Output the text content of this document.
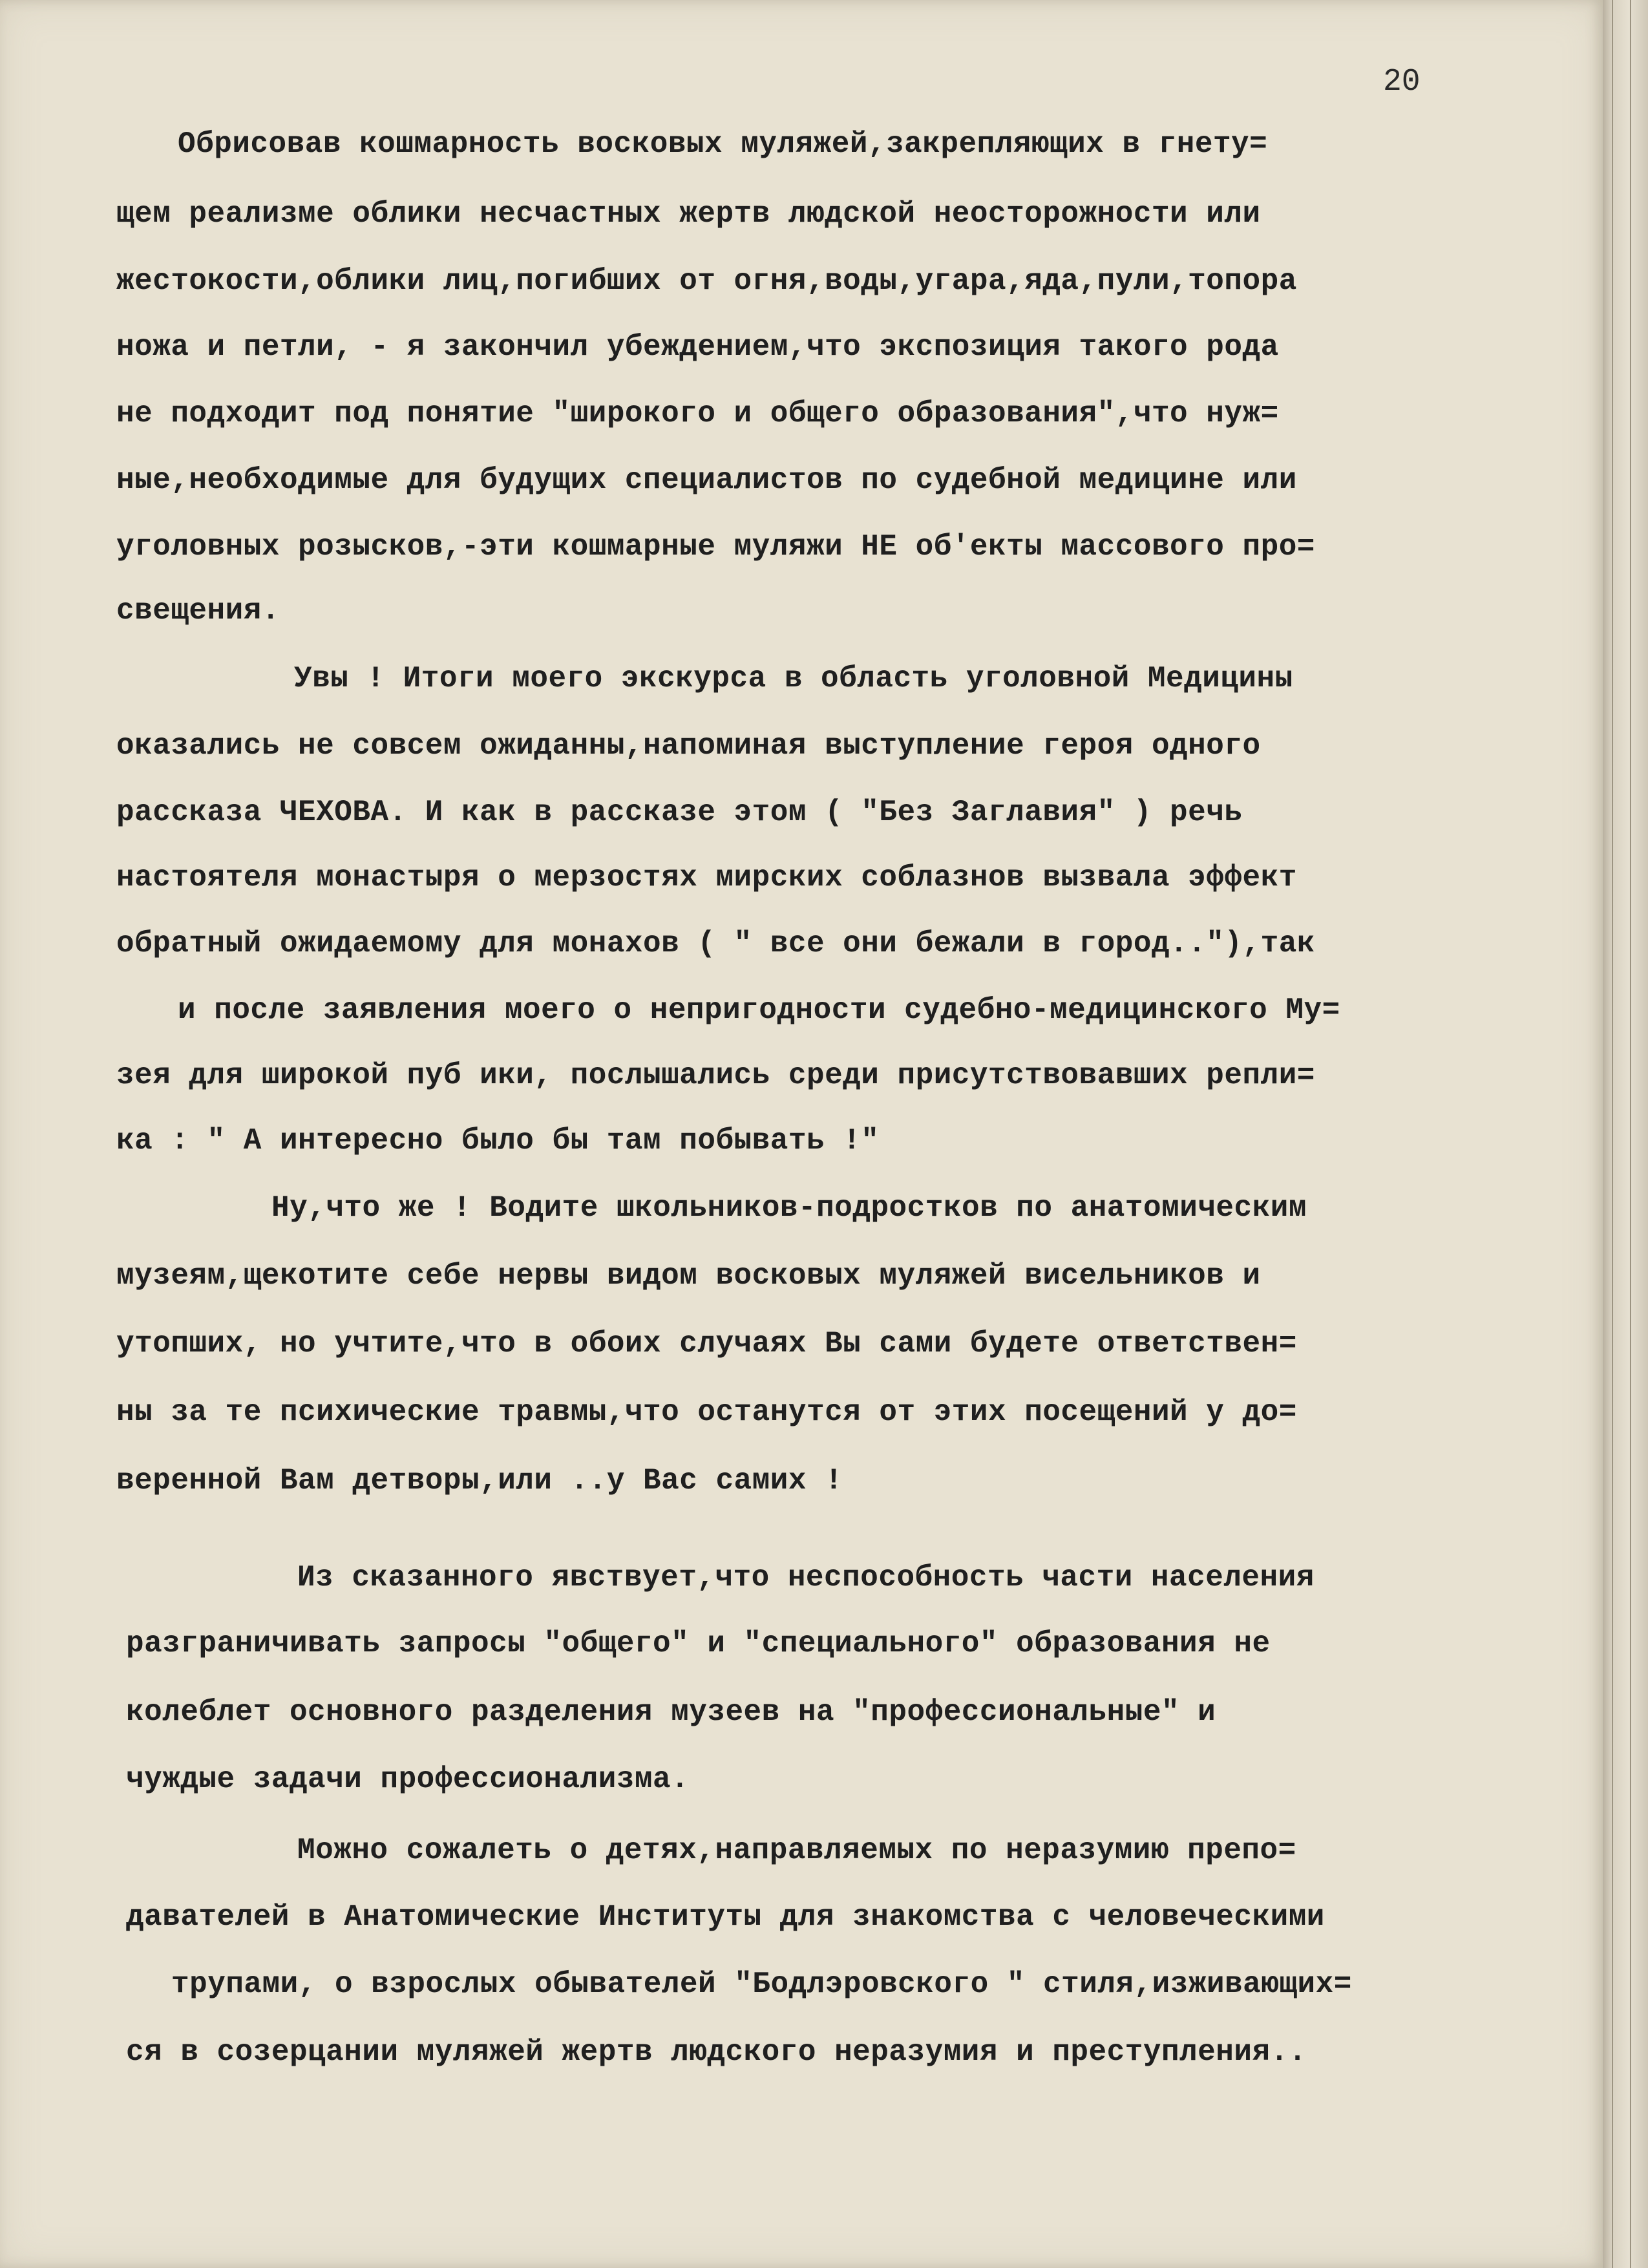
20
Обрисовав кошмарность восковых муляжей,закрепляющих в гнету=
щем реализме облики несчастных жертв людской неосторожности или
жестокости,облики лиц,погибших от огня,воды,угара,яда,пули,топора
ножа и петли, - я закончил убеждением,что экспозиция такого рода
не подходит под понятие "широкого и общего образования",что нуж=
ные,необходимые для будущих специалистов по судебной медицине или
уголовных розысков,-эти кошмарные муляжи НЕ об'екты массового про=
свещения.
Увы ! Итоги моего экскурса в область уголовной Медицины
оказались не совсем ожиданны,напоминая выступление героя одного
рассказа ЧЕХОВА. И как в рассказе этом ( "Без Заглавия" ) речь
настоятеля монастыря о мерзостях мирских соблазнов вызвала эффект
обратный ожидаемому для монахов ( " все они бежали в город.."),так
и после заявления моего о непригодности судебно-медицинского Му=
зея для широкой пуб ики, послышались среди присутствовавших репли=
ка : " А интересно было бы там побывать !"
Ну,что же ! Водите школьников-подростков по анатомическим
музеям,щекотите себе нервы видом восковых муляжей висельников и
утопших, но учтите,что в обоих случаях Вы сами будете ответствен=
ны за те психические травмы,что останутся от этих посещений у до=
веренной Вам детворы,или ..у Вас самих !
Из сказанного явствует,что неспособность части населения
разграничивать запросы "общего" и "специального" образования не
колеблет основного разделения музеев на "профессиональные" и
чуждые задачи профессионализма.
Можно сожалеть о детях,направляемых по неразумию препо=
давателей в Анатомические Институты для знакомства с человеческими
трупами, о взрослых обывателей "Бодлэровского " стиля,изживающих=
ся в созерцании муляжей жертв людского неразумия и преступления..
